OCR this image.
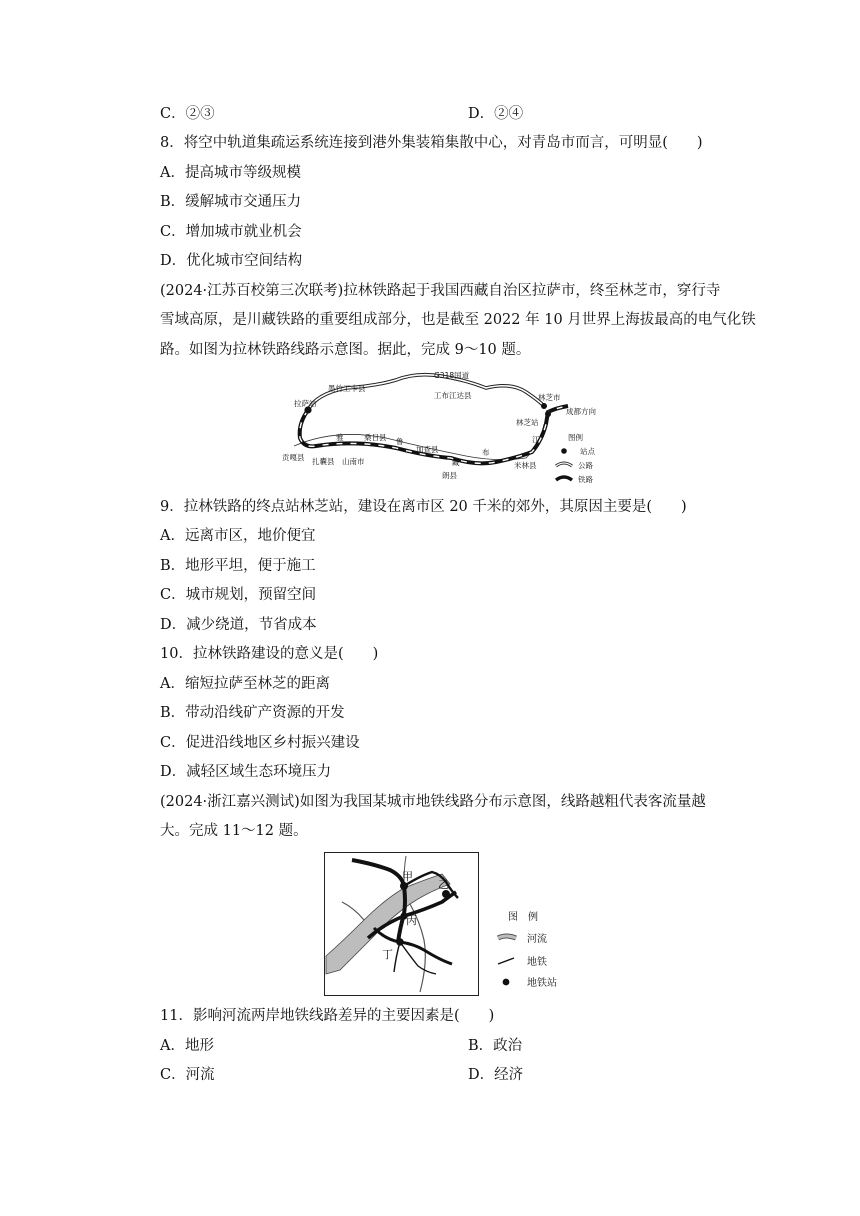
C．②③	D．②④
8．将空中轨道集疏运系统连接到港外集装箱集散中心，对青岛市而言，可明显(　　)
A．提高城市等级规模
B．缓解城市交通压力
C．增加城市就业机会
D．优化城市空间结构
(2024·江苏百校第三次联考)拉林铁路起于我国西藏自治区拉萨市，终至林芝市，穿行寺
雪域高原，是川藏铁路的重要组成部分，也是截至 2022 年 10 月世界上海拔最高的电气化铁
路。如图为拉林铁路线路示意图。据此，完成 9～10 题。
G318国道
墨竹工卡县
工布江达县	林芝市
拉萨站
林芝站
成都方向
江
雅	桑日县 鲁
加查县
藏
布
贡嘎县 扎囊县 山南市
朗县
米林县
图例
站点
公路
铁路
9．拉林铁路的终点站林芝站，建设在离市区 20 千米的郊外，其原因主要是(　　)
A．远离市区，地价便宜
B．地形平坦，便于施工
C．城市规划，预留空间
D．减少绕道，节省成本
10．拉林铁路建设的意义是(　　)
A．缩短拉萨至林芝的距离
B．带动沿线矿产资源的开发
C．促进沿线地区乡村振兴建设
D．减轻区域生态环境压力
(2024·浙江嘉兴测试)如图为我国某城市地铁线路分布示意图，线路越粗代表客流量越
大。完成 11～12 题。
甲
乙
丙
丁
图　例
河流
地铁
地铁站
11．影响河流两岸地铁线路差异的主要因素是(　　)
A．地形	B．政治
C．河流	D．经济
